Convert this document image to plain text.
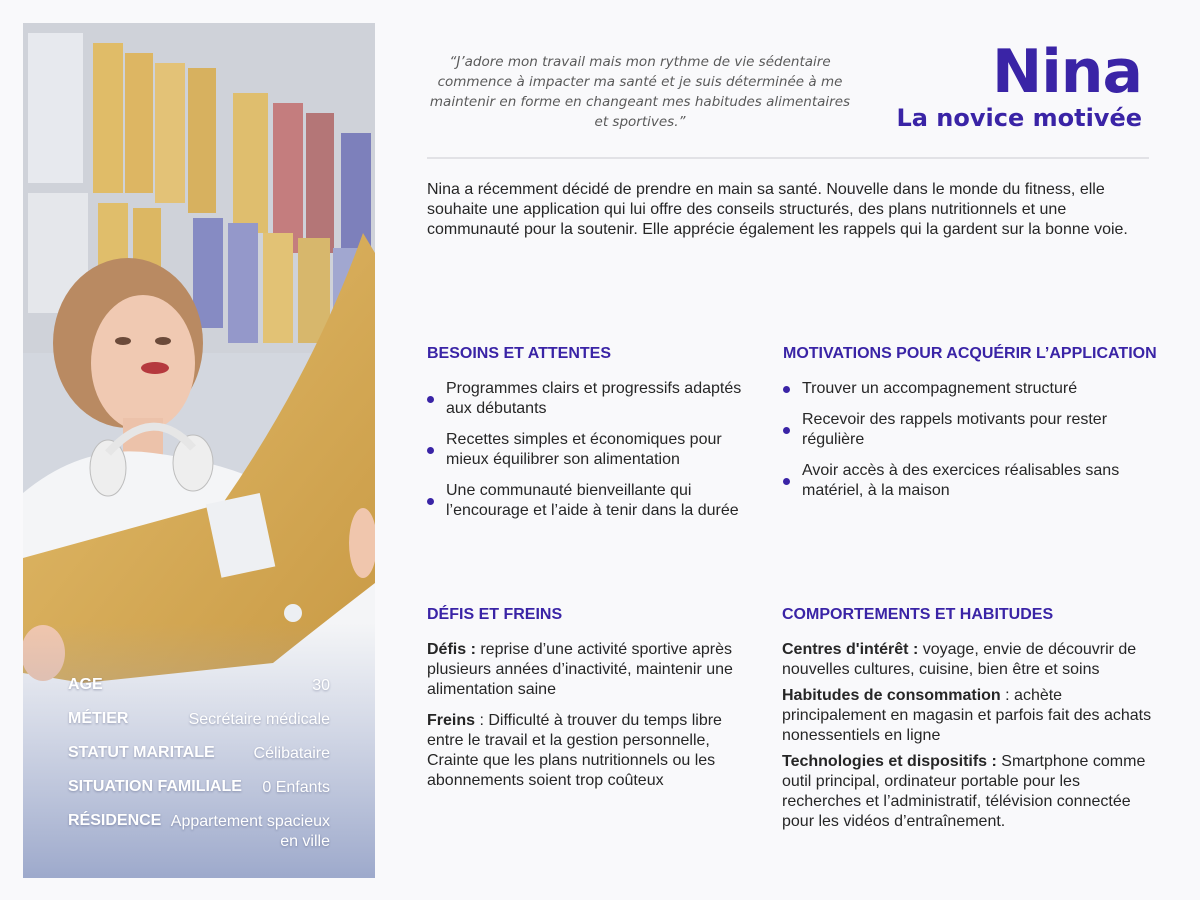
AGE	30
MÉTIER	Secrétaire médicale
STATUT MARITALE Célibataire
SITUATION FAMILIALE 0 Enfants
RÉSIDENCE Appartement spacieux en ville

“J’adore mon travail mais mon rythme de vie sédentaire commence à impacter ma santé et je suis déterminée à me maintenir en forme en changeant mes habitudes alimentaires et sportives.”

Nina
La novice motivée

Nina a récemment décidé de prendre en main sa santé. Nouvelle dans le monde du fitness, elle souhaite une application qui lui offre des conseils structurés, des plans nutritionnels et une communauté pour la soutenir. Elle apprécie également les rappels qui la gardent sur la bonne voie.

BESOINS ET ATTENTES
Programmes clairs et progressifs adaptés aux débutants
Recettes simples et économiques pour mieux équilibrer son alimentation
Une communauté bienveillante qui l’encourage et l’aide à tenir dans la durée
MOTIVATIONS POUR ACQUÉRIR L’APPLICATION
Trouver un accompagnement structuré
Recevoir des rappels motivants pour rester régulière
Avoir accès à des exercices réalisables sans matériel, à la maison
DÉFIS ET FREINS

Défis : reprise d’une activité sportive après plusieurs années d’inactivité, maintenir une alimentation saine

Freins : Difficulté à trouver du temps libre entre le travail et la gestion personnelle, Crainte que les plans nutritionnels ou les abonnements soient trop coûteux

COMPORTEMENTS ET HABITUDES

Centres d'intérêt : voyage, envie de découvrir de nouvelles cultures, cuisine, bien être et soins

Habitudes de consommation : achète principalement en magasin et parfois fait des achats nonessentiels en ligne

Technologies et dispositifs : Smartphone comme outil principal, ordinateur portable pour les recherches et l’administratif, télévision connectée pour les vidéos d’entraînement.
